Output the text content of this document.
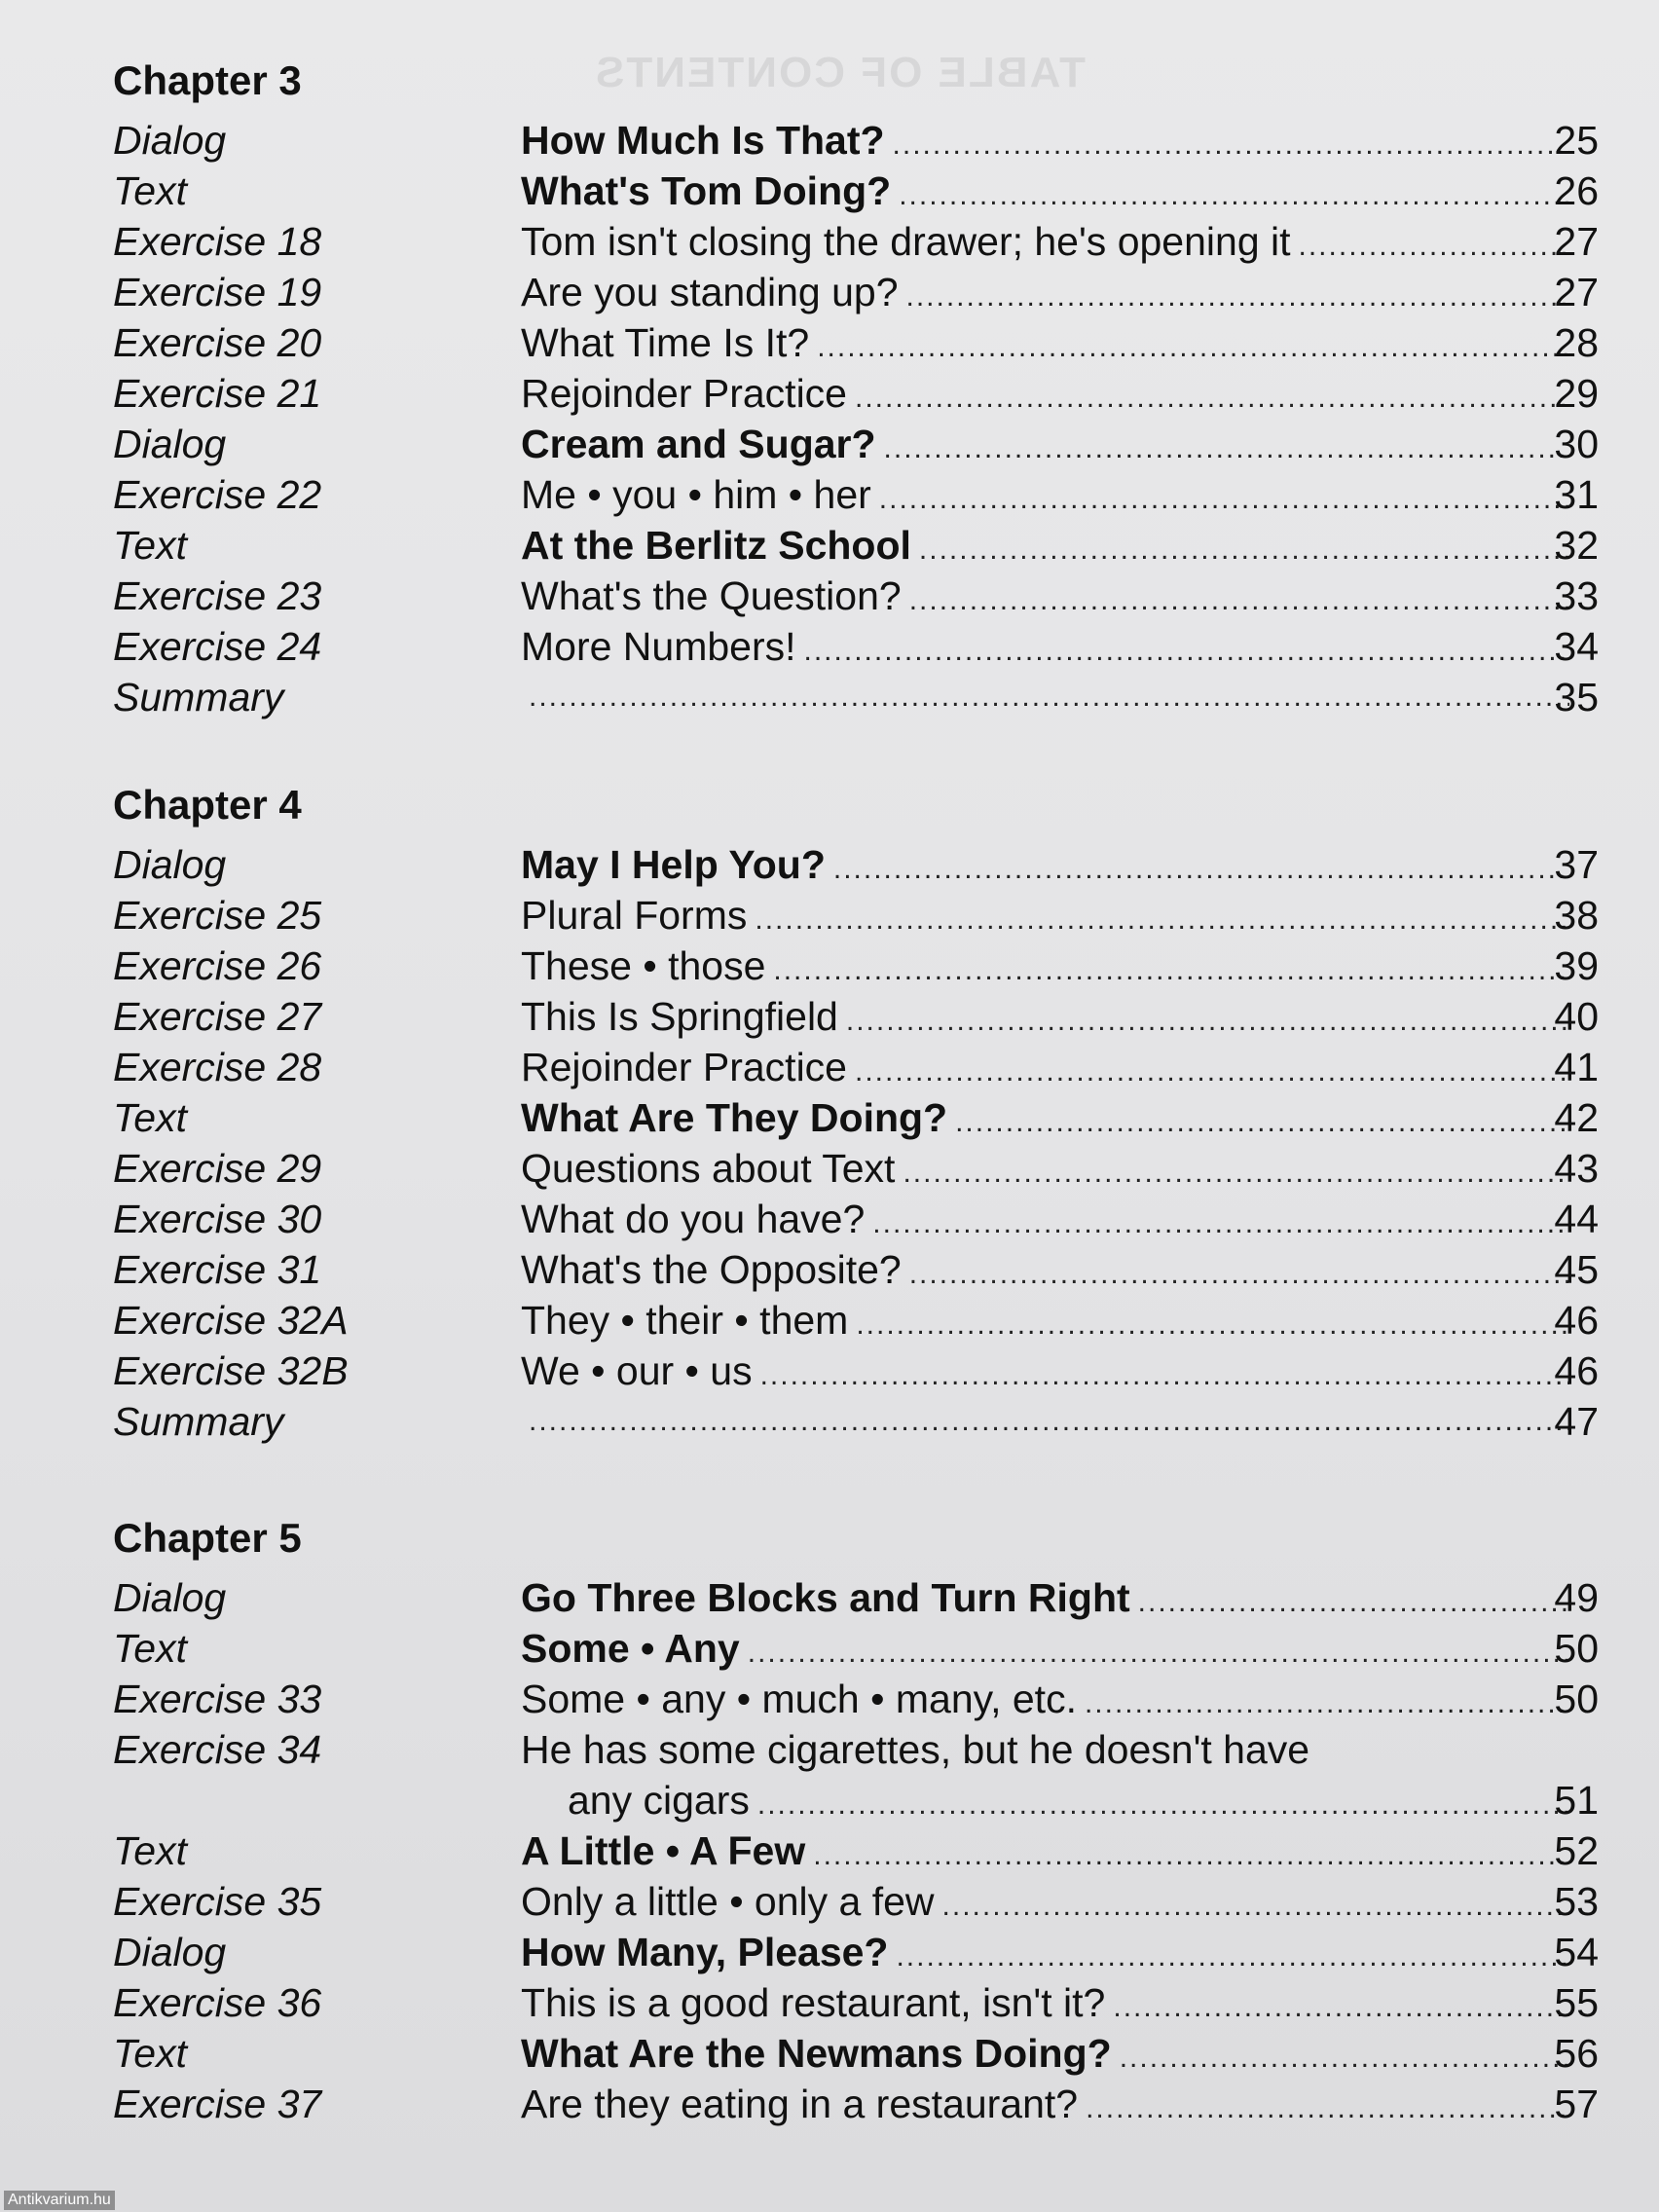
TABLE OF CONTENTS
Chapter 3
Dialog	How Much Is That? .....	25
Text	What's Tom Doing? .....	26
Exercise 18	Tom isn't closing the drawer; he's opening it .....	27
Exercise 19	Are you standing up? .....	27
Exercise 20	What Time Is It? .....	28
Exercise 21	Rejoinder Practice .....	29
Dialog	Cream and Sugar? .....	30
Exercise 22	Me • you • him • her .....	31
Text	At the Berlitz School .....	32
Exercise 23	What's the Question? .....	33
Exercise 24	More Numbers! .....	34
Summary .....	35
Chapter 4
Dialog	May I Help You? .....	37
Exercise 25	Plural Forms .....	38
Exercise 26	These • those .....	39
Exercise 27	This Is Springfield .....	40
Exercise 28	Rejoinder Practice .....	41
Text	What Are They Doing? .....	42
Exercise 29	Questions about Text .....	43
Exercise 30	What do you have? .....	44
Exercise 31	What's the Opposite? .....	45
Exercise 32A	They • their • them .....	46
Exercise 32B	We • our • us .....	46
Summary .....	47
Chapter 5
Dialog	Go Three Blocks and Turn Right .....	49
Text	Some • Any .....	50
Exercise 33	Some • any • much • many, etc. .....	50
Exercise 34	He has some cigarettes, but he doesn't have
any cigars .....	51
Text	A Little • A Few .....	52
Exercise 35	Only a little • only a few .....	53
Dialog	How Many, Please? .....	54
Exercise 36	This is a good restaurant, isn't it? .....	55
Text	What Are the Newmans Doing? .....	56
Exercise 37	Are they eating in a restaurant? .....	57
Antikvarium.hu
